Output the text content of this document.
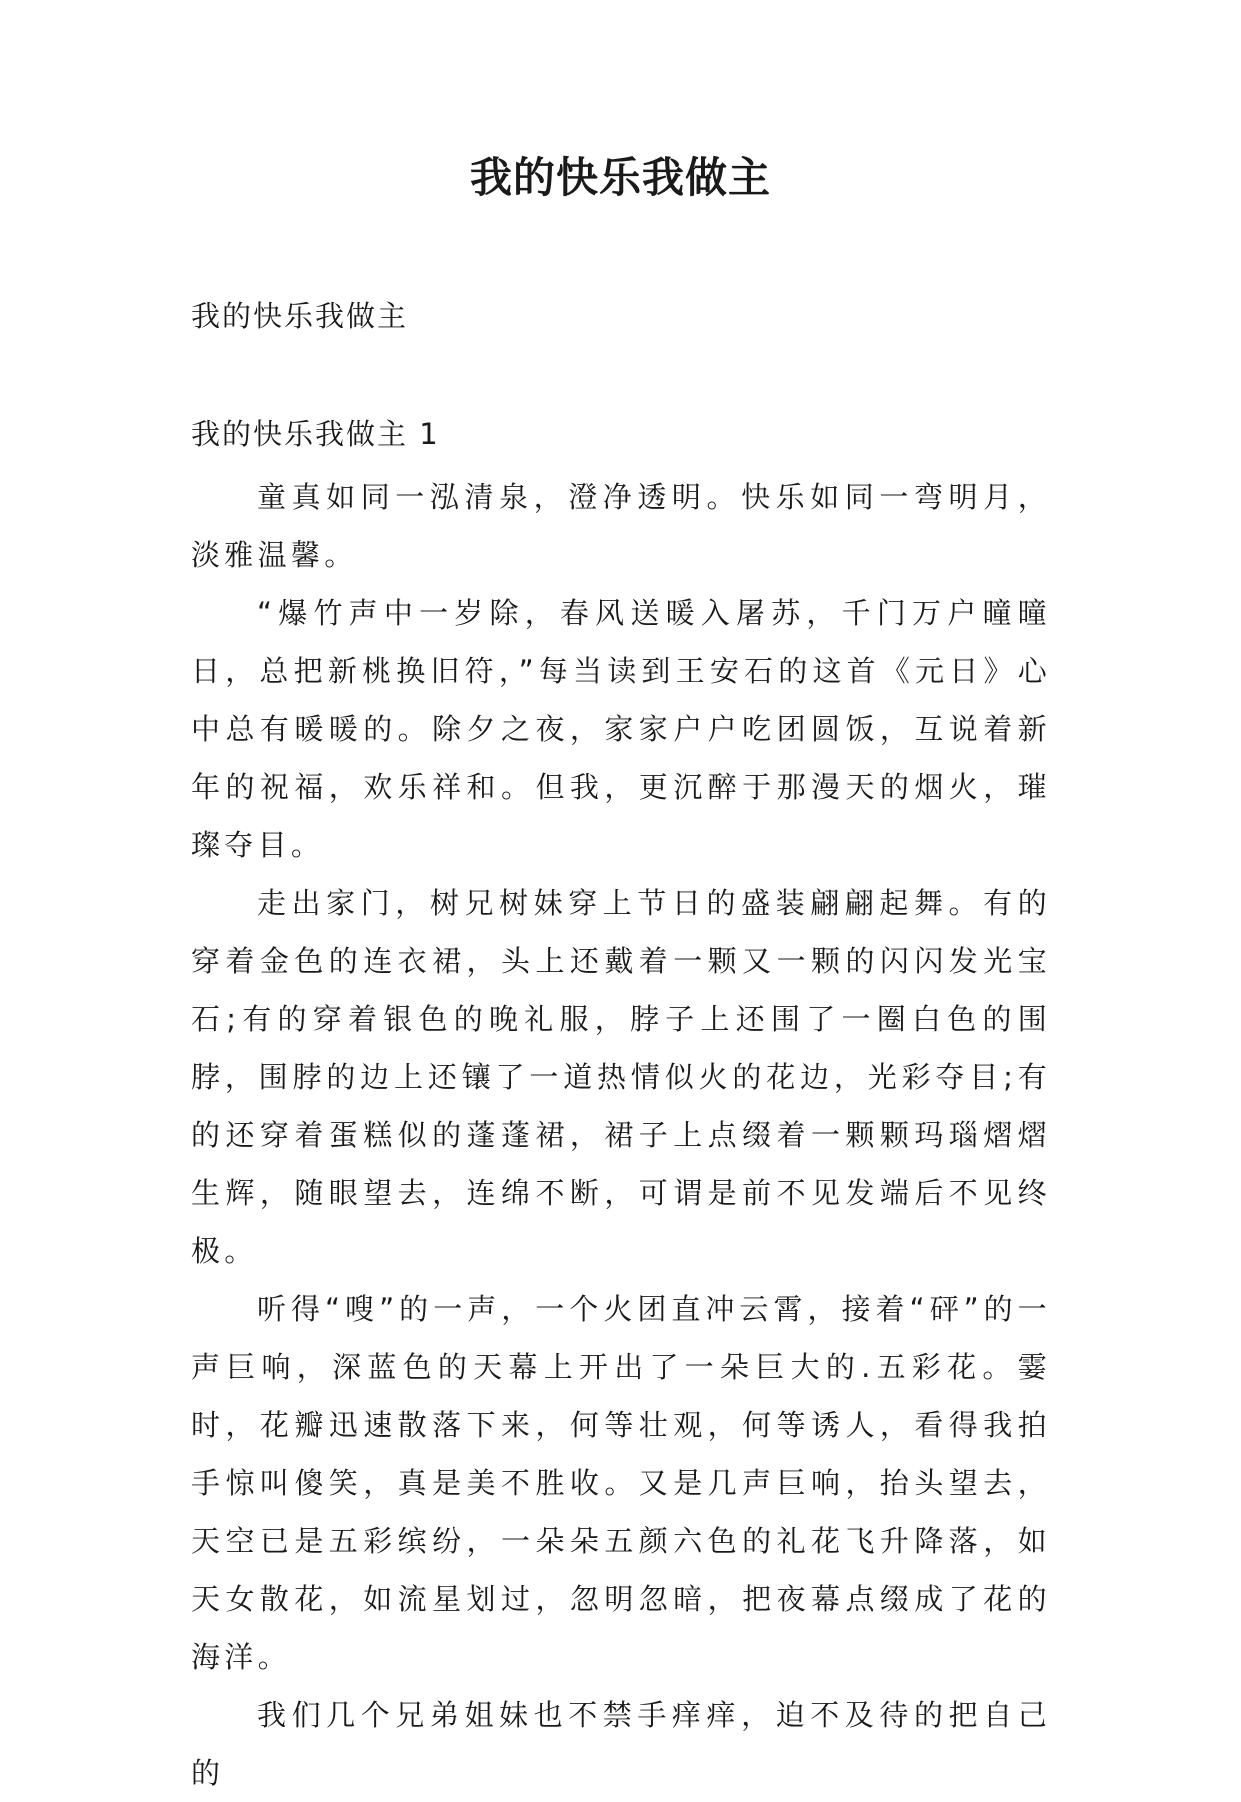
我的快乐我做主
我的快乐我做主
我的快乐我做主 1

童真如同一泓清泉，澄净透明。快乐如同一弯明月，淡雅温馨。

“爆竹声中一岁除，春风送暖入屠苏，千门万户曈曈日，总把新桃换旧符，”每当读到王安石的这首《元日》心中总有暖暖的。除夕之夜，家家户户吃团圆饭，互说着新年的祝福，欢乐祥和。但我，更沉醉于那漫天的烟火，璀璨夺目。

走出家门，树兄树妹穿上节日的盛装翩翩起舞。有的穿着金色的连衣裙，头上还戴着一颗又一颗的闪闪发光宝石;有的穿着银色的晚礼服，脖子上还围了一圈白色的围脖，围脖的边上还镶了一道热情似火的花边，光彩夺目;有的还穿着蛋糕似的蓬蓬裙，裙子上点缀着一颗颗玛瑙熠熠生辉，随眼望去，连绵不断，可谓是前不见发端后不见终极。

听得“嗖”的一声，一个火团直冲云霄，接着“砰”的一声巨响，深蓝色的天幕上开出了一朵巨大的.五彩花。霎时，花瓣迅速散落下来，何等壮观，何等诱人，看得我拍手惊叫傻笑，真是美不胜收。又是几声巨响，抬头望去，天空已是五彩缤纷，一朵朵五颜六色的礼花飞升降落，如天女散花，如流星划过，忽明忽暗，把夜幕点缀成了花的海洋。

我们几个兄弟姐妹也不禁手痒痒，迫不及待的把自己的
